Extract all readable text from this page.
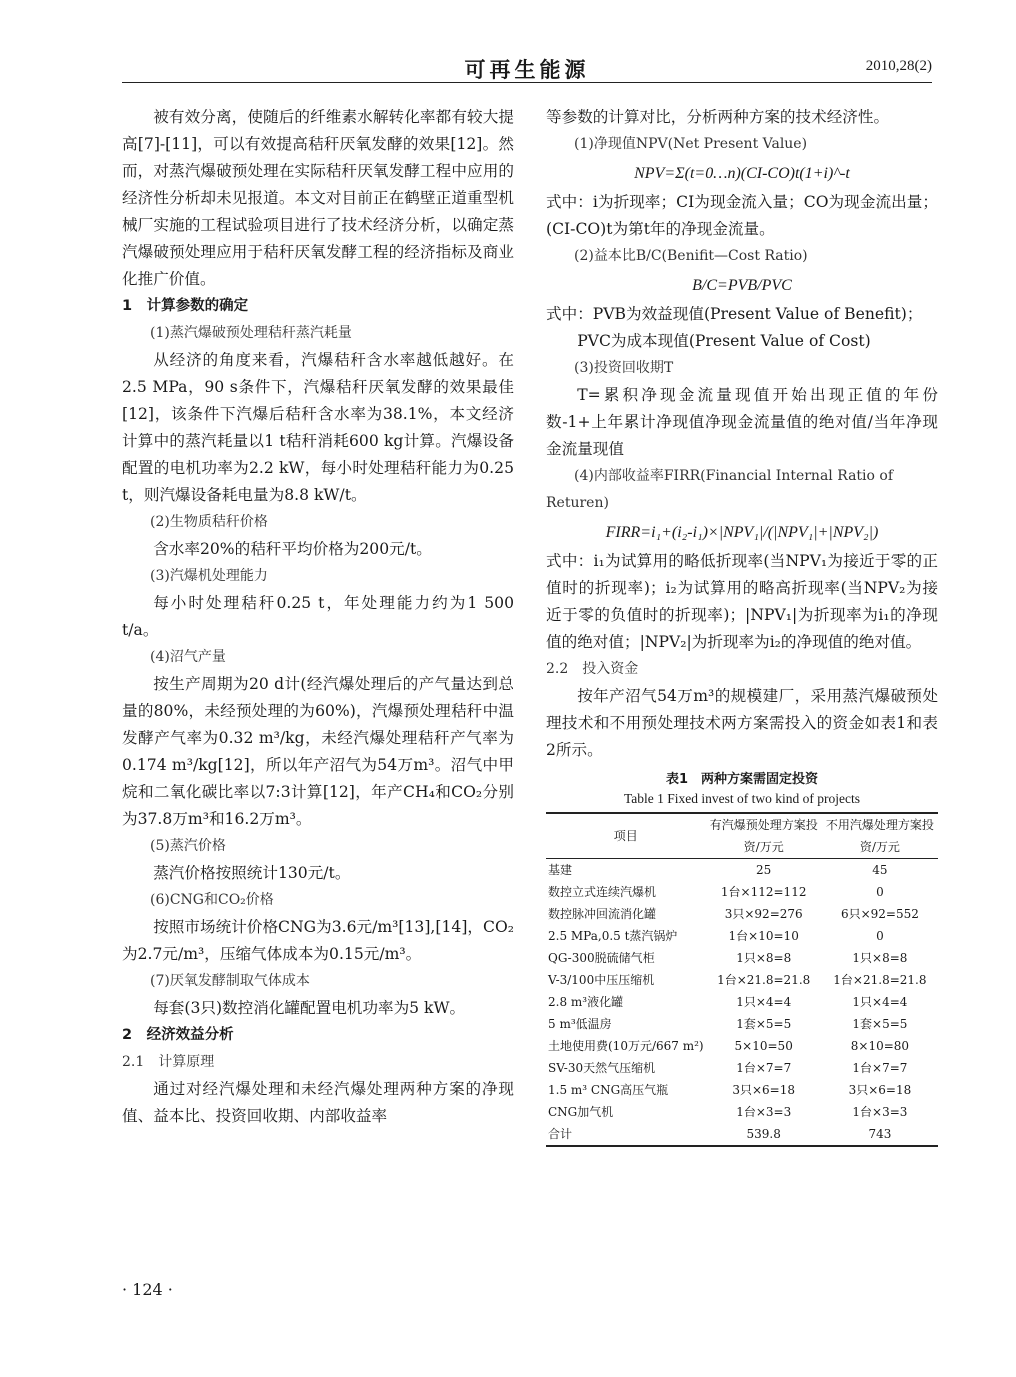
可再生能源	2010,28(2)

被有效分离，使随后的纤维素水解转化率都有较大提高[7]-[11]，可以有效提高秸秆厌氧发酵的效果[12]。然而，对蒸汽爆破预处理在实际秸秆厌氧发酵工程中应用的经济性分析却未见报道。本文对目前正在鹤壁正道重型机械厂实施的工程试验项目进行了技术经济分析，以确定蒸汽爆破预处理应用于秸秆厌氧发酵工程的经济指标及商业化推广价值。

1　计算参数的确定

(1)蒸汽爆破预处理秸秆蒸汽耗量

从经济的角度来看，汽爆秸秆含水率越低越好。在2.5 MPa，90 s条件下，汽爆秸秆厌氧发酵的效果最佳[12]，该条件下汽爆后秸秆含水率为38.1%，本文经济计算中的蒸汽耗量以1 t秸秆消耗600 kg计算。汽爆设备配置的电机功率为2.2 kW，每小时处理秸秆能力为0.25 t，则汽爆设备耗电量为8.8 kW/t。

(2)生物质秸秆价格

含水率20%的秸秆平均价格为200元/t。

(3)汽爆机处理能力

每小时处理秸秆0.25 t，年处理能力约为1 500 t/a。

(4)沼气产量

按生产周期为20 d计(经汽爆处理后的产气量达到总量的80%，未经预处理的为60%)，汽爆预处理秸秆中温发酵产气率为0.32 m³/kg，未经汽爆处理秸秆产气率为0.174 m³/kg[12]，所以年产沼气为54万m³。沼气中甲烷和二氧化碳比率以7:3计算[12]，年产CH₄和CO₂分别为37.8万m³和16.2万m³。

(5)蒸汽价格

蒸汽价格按照统计130元/t。

(6)CNG和CO₂价格

按照市场统计价格CNG为3.6元/m³[13],[14]，CO₂为2.7元/m³，压缩气体成本为0.15元/m³。

(7)厌氧发酵制取气体成本

每套(3只)数控消化罐配置电机功率为5 kW。

2　经济效益分析

2.1　计算原理

通过对经汽爆处理和未经汽爆处理两种方案的净现值、益本比、投资回收期、内部收益率

等参数的计算对比，分析两种方案的技术经济性。

(1)净现值NPV(Net Present Value)

NPV=Σ(t=0…n)(CI-CO)t(1+i)^-t

式中：i为折现率；CI为现金流入量；CO为现金流出量；(CI-CO)t为第t年的净现金流量。

(2)益本比B/C(Benifit—Cost Ratio)

B/C=PVB/PVC

式中：PVB为效益现值(Present Value of Benefit)；

PVC为成本现值(Present Value of Cost)

(3)投资回收期T

T=累积净现金流量现值开始出现正值的年份数-1+上年累计净现值净现金流量值的绝对值/当年净现金流量现值

(4)内部收益率FIRR(Financial Internal Ratio of Returen)

FIRR=i₁+(i₂-i₁)×|NPV₁|/(|NPV₁|+|NPV₂|)

式中：i₁为试算用的略低折现率(当NPV₁为接近于零的正值时的折现率)；i₂为试算用的略高折现率(当NPV₂为接近于零的负值时的折现率)；|NPV₁|为折现率为i₁的净现值的绝对值；|NPV₂|为折现率为i₂的净现值的绝对值。

2.2　投入资金

按年产沼气54万m³的规模建厂，采用蒸汽爆破预处理技术和不用预处理技术两方案需投入的资金如表1和表2所示。

表1　两种方案需固定投资
Table 1 Fixed invest of two kind of projects
项目	有汽爆预处理方案投资/万元	不用汽爆处理方案投资/万元
基建	25	45
数控立式连续汽爆机	1台×112=112	0
数控脉冲回流消化罐	3只×92=276	6只×92=552
2.5 MPa,0.5 t蒸汽锅炉	1台×10=10	0
QG-300脱硫储气柜	1只×8=8	1只×8=8
V-3/100中压压缩机	1台×21.8=21.8	1台×21.8=21.8
2.8 m³液化罐	1只×4=4	1只×4=4
5 m³低温房	1套×5=5	1套×5=5
土地使用费(10万元/667 m²)	5×10=50	8×10=80
SV-30天然气压缩机	1台×7=7	1台×7=7
1.5 m³ CNG高压气瓶	3只×6=18	3只×6=18
CNG加气机	1台×3=3	1台×3=3
合计	539.8	743
· 124 ·
